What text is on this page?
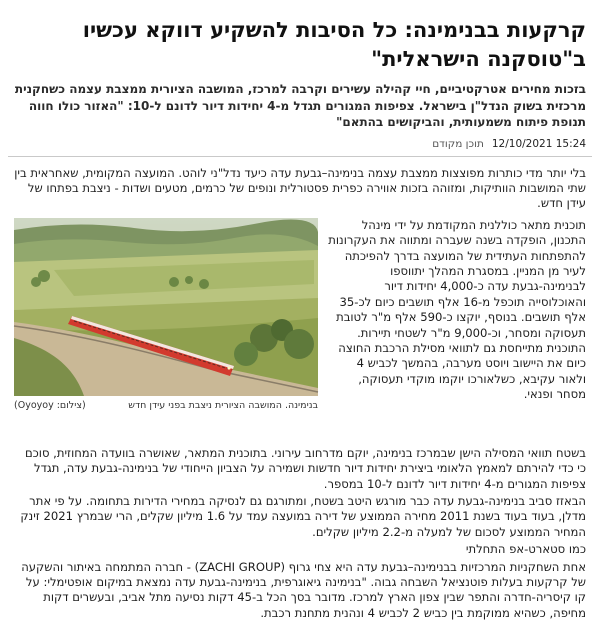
קרקעות בבנימינה: כל הסיבות להשקיע דווקא עכשיו ב"טוסקנה הישראלית"

בזכות מחירים אטרקטיביים, חיי קהילה עשירים וקרבה למרכז, המושבה הציורית ממצבת עצמה כשחקנית מרכזית בשוק הנדל"ן בישראל. צפיפות המגורים תגדל מ-4 יחידות דיור לדונם ל-10: "האזור כולו חווה תנופת פיתוח משמעותית, והביקושים בהתאם"

15:24 12/10/2021
תוכן מקודם

בלי יותר מדי כותרות מפוצצות ממצבת עצמה בנימינה–גבעת עדה כיעד נדל"ני לוהט. המועצה המקומית, שאחראית בין שתי המושבות הוותיקות, ומזוהה בזכות אווירה כפרית פסטורלית ונופים של כרמים, מטעים ושדות - ניצבת בפתחו של עידן חדש.

תוכנית מתאר כוללנית המקודמת על ידי מינהל התכנון, הופקדה בשנה שעברה ומתווה את העקרונות להתפתחות העתידית של המועצה בדרך להפיכתה לעיר מן המניין. במסגרת המהלך יתווספו לבנימינה-גבעת עדה כ-4,000 יחידות דיור והאוכלוסייה תוכפל מ-16 אלף תושבים כיום לכ-35 אלף תושבים. בנוסף, יוקצו כ-590 אלף מ"ר לטובת תעסוקה ומסחר, וכ-9,000 מ"ר לשטחי תיירות. התוכנית מתייחסת גם לתוואי מסילת הרכבת החוצה כיום את היישוב ויוסט מערבה, בהמשך לכביש 4 ולאור עקיבא, כשלאורכו יוקמו מוקדי תעסוקה, מסחר ופנאי.

בנימינה. המושבה הציורית ניצבת בפני עידן חדש
(צילום: Oyoyoy)

בשטח תוואי המסילה הישן שבמרכז בנימינה, יוקם מדרחוב עירוני. בתוכנית המתאר, שאושרה בוועדה המחוזית, סוכם כי כדי להירתם למאמץ הלאומי ביצירת יחידות דיור חדשות ושמירה על הצביון הייחודי של בנימינה-גבעת עדה, תגדל צפיפות המגורים מ-4 יחידות דיור לדונם ל-10 במספר.

הבאזז סביב בנימינה-גבעת עדה כבר מורגש היטב בשטח, ומתורגם גם לנסיקה במחירי הדירות בתחומה. על פי אתר מדלן, בעוד בעוד בשנת 2011 מחירה הממוצע של דירה במועצה עמד על 1.6 מיליון שקלים, הרי שבמרץ 2021 זינק המחיר הממוצע לסכום של למעלה מ-2.2 מיליון שקלים.

כמו סטארט-אפ התחלתי

אחת השחקניות המרכזיות בבנימינה–גבעת עדה היא צחי גרוף (ZACHI GROUP) - חברה המתמחה באיתור והשקעה של קרקעות בעלות פוטנציאל השבחה גבוה. "בנימינה גיאוגרפית, בנימינה-גבעת עדה נמצאת במיקום אופטימלי: על קו קיסריה-חדרה והתפר שבין צפון הארץ למרכז. מדובר בסך הכל ב-45 דקות נסיעה מתל אביב, ובעשרים דקות מחיפה, כשהיא ממוקמת בין כביש 2 לכביש 4 ונהנית מתחנת רכבת.
